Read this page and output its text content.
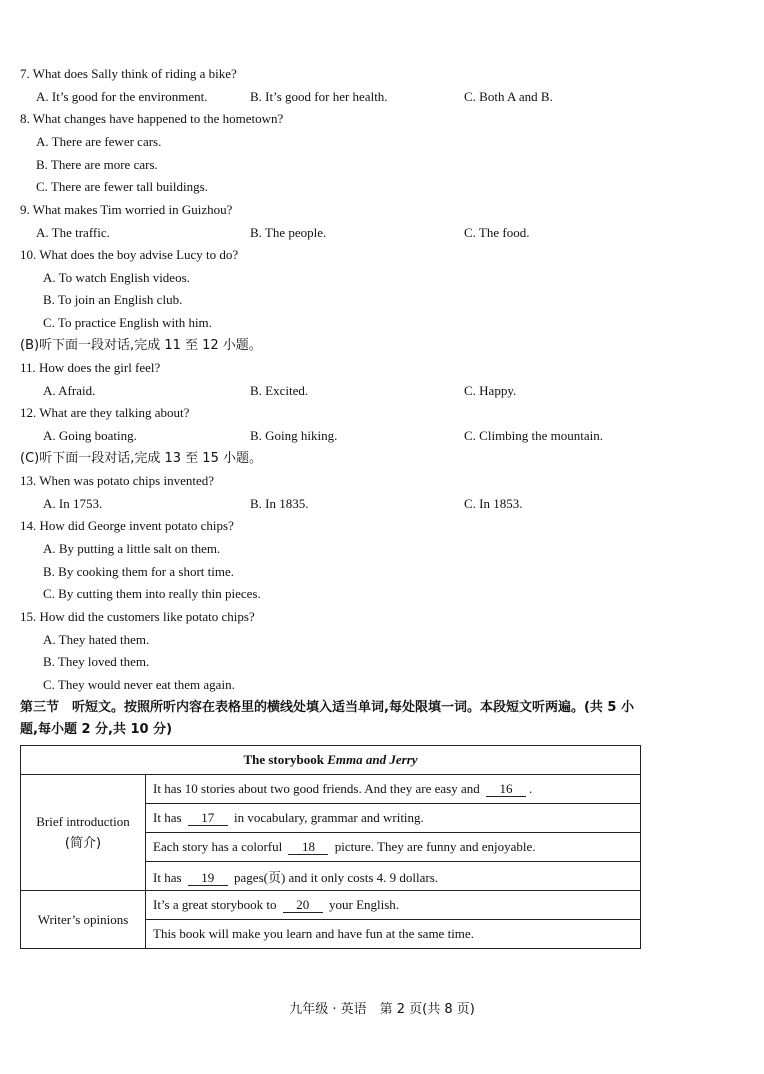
7. What does Sally think of riding a bike?
A. It’s good for the environment.	B. It’s good for her health.	C. Both A and B.
8. What changes have happened to the hometown?
A. There are fewer cars.
B. There are more cars.
C. There are fewer tall buildings.
9. What makes Tim worried in Guizhou?
A. The traffic.	B. The people.	C. The food.
10. What does the boy advise Lucy to do?
A. To watch English videos.
B. To join an English club.
C. To practice English with him.
(B)听下面一段对话,完成 11 至 12 小题。
11. How does the girl feel?
A. Afraid.	B. Excited.	C. Happy.
12. What are they talking about?
A. Going boating.	B. Going hiking.	C. Climbing the mountain.
(C)听下面一段对话,完成 13 至 15 小题。
13. When was potato chips invented?
A. In 1753.	B. In 1835.	C. In 1853.
14. How did George invent potato chips?
A. By putting a little salt on them.
B. By cooking them for a short time.
C. By cutting them into really thin pieces.
15. How did the customers like potato chips?
A. They hated them.
B. They loved them.
C. They would never eat them again.
第三节　听短文。按照所听内容在表格里的横线处填入适当单词,每处限填一词。本段短文听两遍。(共 5 小题,每小题 2 分,共 10 分)
The storybook Emma and Jerry	

Brief introduction
(简介)	It has 10 stories about two good friends. And they are easy and 16 .
	It has 17 in vocabulary, grammar and writing.
	Each story has a colorful 18 picture. They are funny and enjoyable.
	It has 19 pages(页) and it only costs 4. 9 dollars.
Writer’s opinions	It’s a great storybook to 20 your English.
	This book will make you learn and have fun at the same time.
九年级 · 英语　第 2 页(共 8 页)
